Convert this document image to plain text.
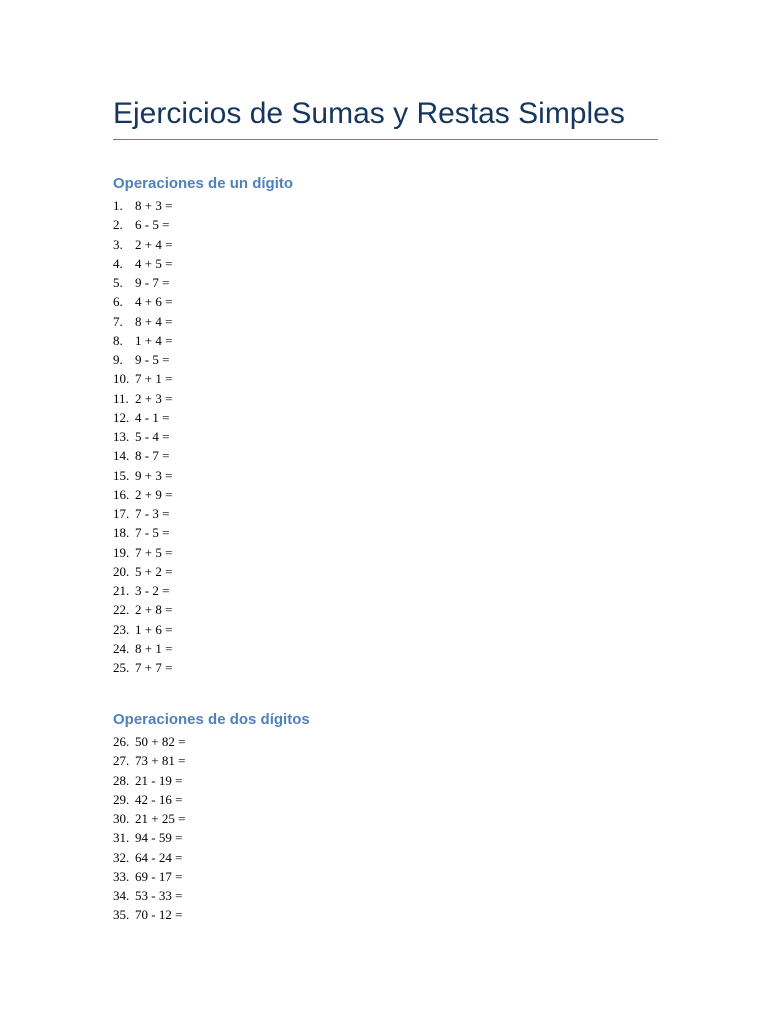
Ejercicios de Sumas y Restas Simples
Operaciones de un dígito
1. 8 + 3 =
2. 6 - 5 =
3. 2 + 4 =
4. 4 + 5 =
5. 9 - 7 =
6. 4 + 6 =
7. 8 + 4 =
8. 1 + 4 =
9. 9 - 5 =
10. 7 + 1 =
11. 2 + 3 =
12. 4 - 1 =
13. 5 - 4 =
14. 8 - 7 =
15. 9 + 3 =
16. 2 + 9 =
17. 7 - 3 =
18. 7 - 5 =
19. 7 + 5 =
20. 5 + 2 =
21. 3 - 2 =
22. 2 + 8 =
23. 1 + 6 =
24. 8 + 1 =
25. 7 + 7 =
Operaciones de dos dígitos
26. 50 + 82 =
27. 73 + 81 =
28. 21 - 19 =
29. 42 - 16 =
30. 21 + 25 =
31. 94 - 59 =
32. 64 - 24 =
33. 69 - 17 =
34. 53 - 33 =
35. 70 - 12 =
